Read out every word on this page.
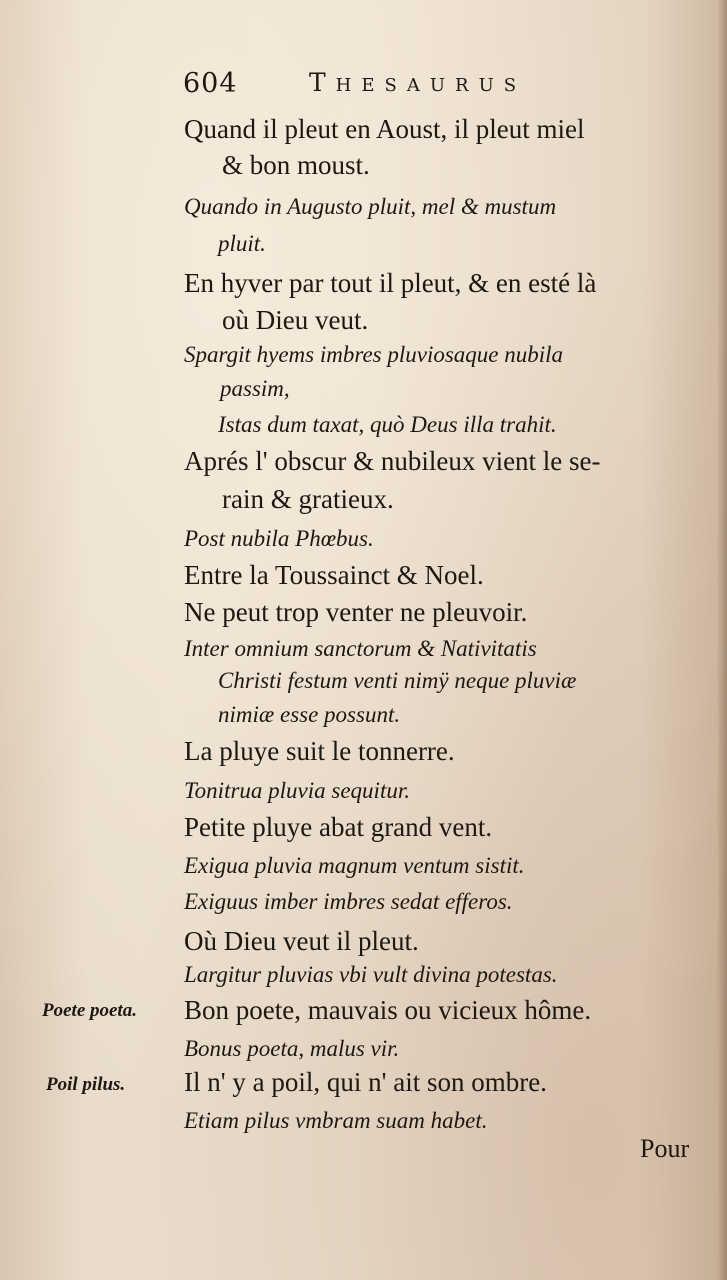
604	Thesaurus
Quand il pleut en Aoust, il pleut miel
& bon moust.
Quando in Augusto pluit, mel & mustum
pluit.
En hyver par tout il pleut, & en esté là
où Dieu veut.
Spargit hyems imbres pluviosaque nubila
passim,
Istas dum taxat, quò Deus illa trahit.
Aprés l' obscur & nubileux vient le se-
rain & gratieux.
Post nubila Phœbus.
Entre la Toussainct & Noel.
Ne peut trop venter ne pleuvoir.
Inter omnium sanctorum & Nativitatis
Christi festum venti nimÿ neque pluviæ
nimiæ esse possunt.
La pluye suit le tonnerre.
Tonitrua pluvia sequitur.
Petite pluye abat grand vent.
Exigua pluvia magnum ventum sistit.
Exiguus imber imbres sedat efferos.
Où Dieu veut il pleut.
Largitur pluvias vbi vult divina potestas.
Bon poete, mauvais ou vicieux hôme.
Bonus poeta, malus vir.
Il n' y a poil, qui n' ait son ombre.
Etiam pilus vmbram suam habet.
Poete poeta.
Poil pilus.
Pour
